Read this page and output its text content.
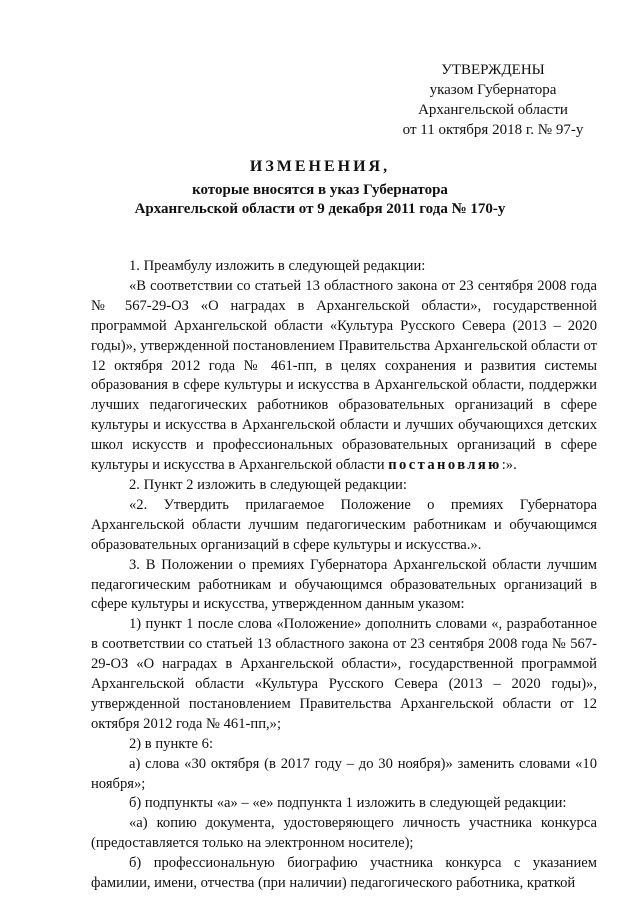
УТВЕРЖДЕНЫ
указом Губернатора
Архангельской области
от 11 октября 2018 г. № 97-у
ИЗМЕНЕНИЯ,
которые вносятся в указ Губернатора
Архангельской области от 9 декабря 2011 года № 170-у

1. Преамбулу изложить в следующей редакции:

«В соответствии со статьей 13 областного закона от 23 сентября 2008 года № 567-29-ОЗ «О наградах в Архангельской области», государственной программой Архангельской области «Культура Русского Севера (2013 – 2020 годы)», утвержденной постановлением Правительства Архангельской области от 12 октября 2012 года № 461-пп, в целях сохранения и развития системы образования в сфере культуры и искусства в Архангельской области, поддержки лучших педагогических работников образовательных организаций в сфере культуры и искусства в Архангельской области и лучших обучающихся детских школ искусств и профессиональных образовательных организаций в сфере культуры и искусства в Архангельской области постановляю:».

2. Пункт 2 изложить в следующей редакции:

«2. Утвердить прилагаемое Положение о премиях Губернатора Архангельской области лучшим педагогическим работникам и обучающимся образовательных организаций в сфере культуры и искусства.».

3. В Положении о премиях Губернатора Архангельской области лучшим педагогическим работникам и обучающимся образовательных организаций в сфере культуры и искусства, утвержденном данным указом:

1) пункт 1 после слова «Положение» дополнить словами «, разработанное в соответствии со статьей 13 областного закона от 23 сентября 2008 года № 567-29-ОЗ «О наградах в Архангельской области», государственной программой Архангельской области «Культура Русского Севера (2013 – 2020 годы)», утвержденной постановлением Правительства Архангельской области от 12 октября 2012 года № 461-пп,»;

2) в пункте 6:

а) слова «30 октября (в 2017 году – до 30 ноября)» заменить словами «10 ноября»;

б) подпункты «а» – «е» подпункта 1 изложить в следующей редакции:

«а) копию документа, удостоверяющего личность участника конкурса (предоставляется только на электронном носителе);

б) профессиональную биографию участника конкурса с указанием фамилии, имени, отчества (при наличии) педагогического работника, краткой
